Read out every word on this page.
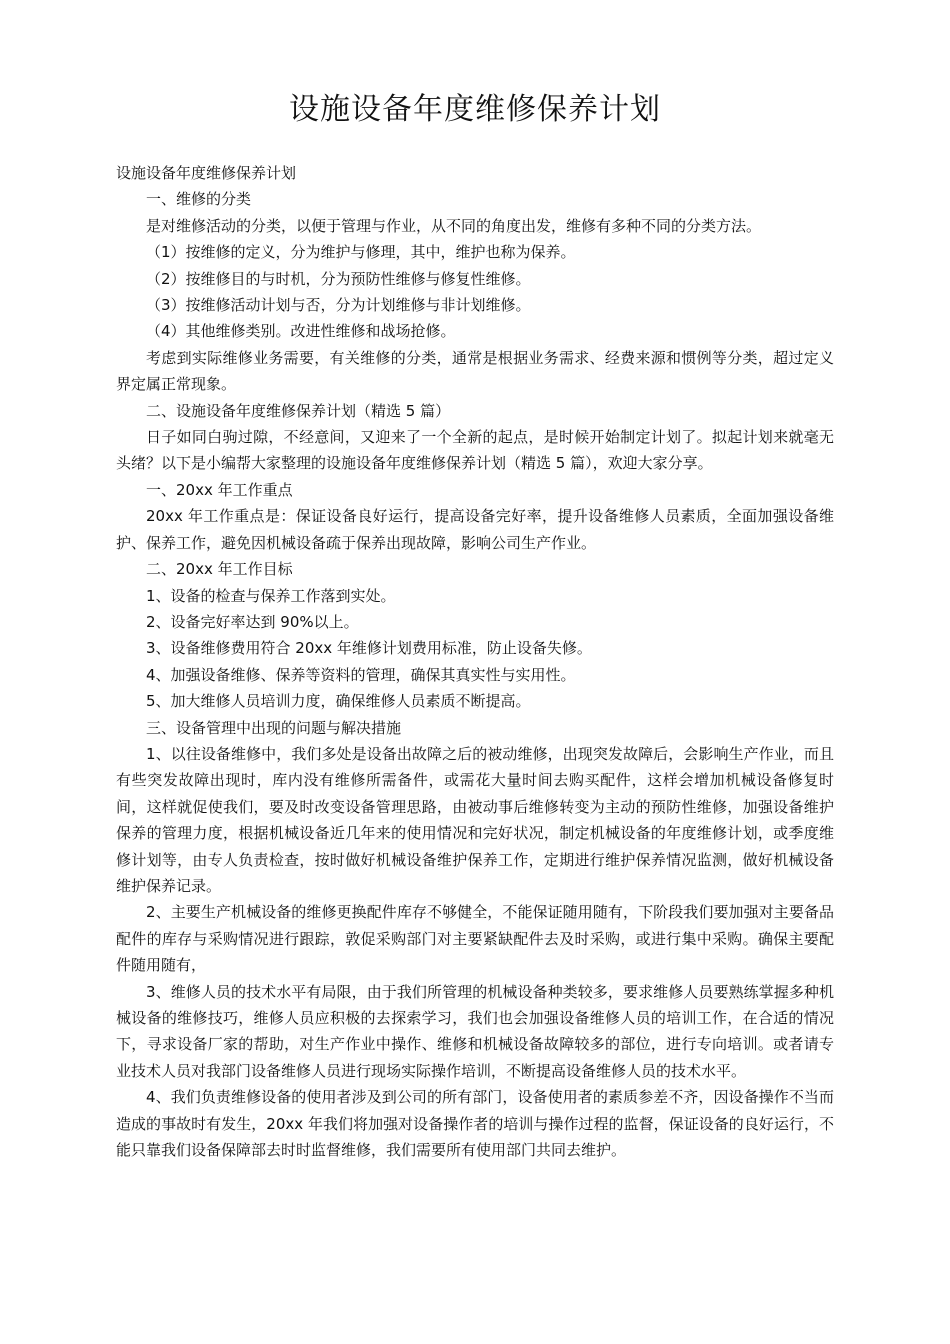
设施设备年度维修保养计划

设施设备年度维修保养计划

一、维修的分类

是对维修活动的分类，以便于管理与作业，从不同的角度出发，维修有多种不同的分类方法。

（1）按维修的定义，分为维护与修理，其中，维护也称为保养。

（2）按维修目的与时机，分为预防性维修与修复性维修。

（3）按维修活动计划与否，分为计划维修与非计划维修。

（4）其他维修类别。改进性维修和战场抢修。

考虑到实际维修业务需要，有关维修的分类，通常是根据业务需求、经费来源和惯例等分类，超过定义界定属正常现象。

二、设施设备年度维修保养计划（精选 5 篇）

日子如同白驹过隙，不经意间，又迎来了一个全新的起点，是时候开始制定计划了。拟起计划来就毫无头绪？以下是小编帮大家整理的设施设备年度维修保养计划（精选 5 篇），欢迎大家分享。

一、20xx 年工作重点

20xx 年工作重点是：保证设备良好运行，提高设备完好率，提升设备维修人员素质，全面加强设备维护、保养工作，避免因机械设备疏于保养出现故障，影响公司生产作业。

二、20xx 年工作目标

1、设备的检查与保养工作落到实处。

2、设备完好率达到 90%以上。

3、设备维修费用符合 20xx 年维修计划费用标准，防止设备失修。

4、加强设备维修、保养等资料的管理，确保其真实性与实用性。

5、加大维修人员培训力度，确保维修人员素质不断提高。

三、设备管理中出现的问题与解决措施

1、以往设备维修中，我们多处是设备出故障之后的被动维修，出现突发故障后，会影响生产作业，而且有些突发故障出现时，库内没有维修所需备件，或需花大量时间去购买配件，这样会增加机械设备修复时间，这样就促使我们，要及时改变设备管理思路，由被动事后维修转变为主动的预防性维修，加强设备维护保养的管理力度，根据机械设备近几年来的使用情况和完好状况，制定机械设备的年度维修计划，或季度维修计划等，由专人负责检查，按时做好机械设备维护保养工作，定期进行维护保养情况监测，做好机械设备维护保养记录。

2、主要生产机械设备的维修更换配件库存不够健全，不能保证随用随有，下阶段我们要加强对主要备品配件的库存与采购情况进行跟踪，敦促采购部门对主要紧缺配件去及时采购，或进行集中采购。确保主要配件随用随有，

3、维修人员的技术水平有局限，由于我们所管理的机械设备种类较多，要求维修人员要熟练掌握多种机械设备的维修技巧，维修人员应积极的去探索学习，我们也会加强设备维修人员的培训工作，在合适的情况下，寻求设备厂家的帮助，对生产作业中操作、维修和机械设备故障较多的部位，进行专向培训。或者请专业技术人员对我部门设备维修人员进行现场实际操作培训，不断提高设备维修人员的技术水平。

4、我们负责维修设备的使用者涉及到公司的所有部门，设备使用者的素质参差不齐，因设备操作不当而造成的事故时有发生，20xx 年我们将加强对设备操作者的培训与操作过程的监督，保证设备的良好运行，不能只靠我们设备保障部去时时监督维修，我们需要所有使用部门共同去维护。
